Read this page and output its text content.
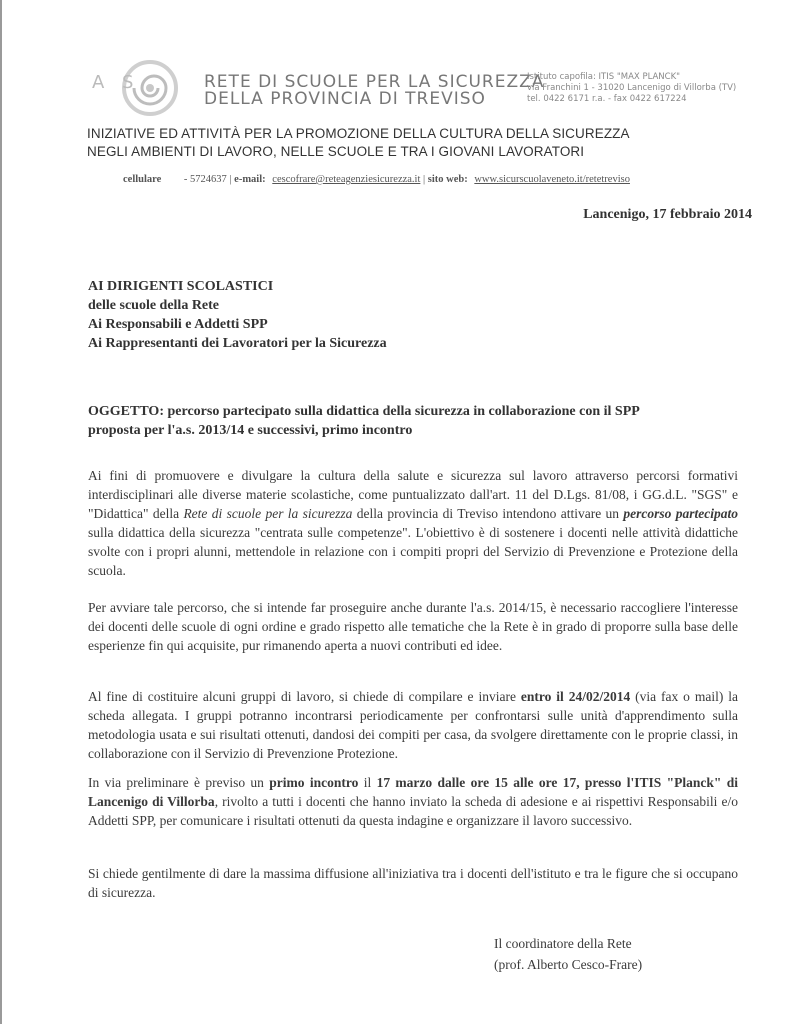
A S	RETE DI SCUOLE PER LA SICUREZZA
DELLA PROVINCIA DI TREVISO
Istituto capofila: ITIS "MAX PLANCK"
via Franchini 1 - 31020 Lancenigo di Villorba (TV)
tel. 0422 6171 r.a. - fax 0422 617224
INIZIATIVE ED ATTIVITÀ PER LA PROMOZIONE DELLA CULTURA DELLA SICUREZZA
NEGLI AMBIENTI DI LAVORO, NELLE SCUOLE E TRA I GIOVANI LAVORATORI
cellulare - 5724637 | e-mail: cescofrare@reteagenziesicurezza.it | sito web: www.sicurscuolaveneto.it/retetreviso
Lancenigo, 17 febbraio 2014
AI DIRIGENTI SCOLASTICI
delle scuole della Rete
Ai Responsabili e Addetti SPP
Ai Rappresentanti dei Lavoratori per la Sicurezza
OGGETTO: percorso partecipato sulla didattica della sicurezza in collaborazione con il SPP
proposta per l'a.s. 2013/14 e successivi, primo incontro
Ai fini di promuovere e divulgare la cultura della salute e sicurezza sul lavoro attraverso percorsi formativi interdisciplinari alle diverse materie scolastiche, come puntualizzato dall'art. 11 del D.Lgs. 81/08, i GG.d.L. "SGS" e "Didattica" della Rete di scuole per la sicurezza della provincia di Treviso intendono attivare un percorso partecipato sulla didattica della sicurezza "centrata sulle competenze". L'obiettivo è di sostenere i docenti nelle attività didattiche svolte con i propri alunni, mettendole in relazione con i compiti propri del Servizio di Prevenzione e Protezione della scuola.
Per avviare tale percorso, che si intende far proseguire anche durante l'a.s. 2014/15, è necessario raccogliere l'interesse dei docenti delle scuole di ogni ordine e grado rispetto alle tematiche che la Rete è in grado di proporre sulla base delle esperienze fin qui acquisite, pur rimanendo aperta a nuovi contributi ed idee.
Al fine di costituire alcuni gruppi di lavoro, si chiede di compilare e inviare entro il 24/02/2014 (via fax o mail) la scheda allegata. I gruppi potranno incontrarsi periodicamente per confrontarsi sulle unità d'apprendimento sulla metodologia usata e sui risultati ottenuti, dandosi dei compiti per casa, da svolgere direttamente con le proprie classi, in collaborazione con il Servizio di Prevenzione Protezione.
In via preliminare è previso un primo incontro il 17 marzo dalle ore 15 alle ore 17, presso l'ITIS "Planck" di Lancenigo di Villorba, rivolto a tutti i docenti che hanno inviato la scheda di adesione e ai rispettivi Responsabili e/o Addetti SPP, per comunicare i risultati ottenuti da questa indagine e organizzare il lavoro successivo.
Si chiede gentilmente di dare la massima diffusione all'iniziativa tra i docenti dell'istituto e tra le figure che si occupano di sicurezza.
Il coordinatore della Rete
(prof. Alberto Cesco-Frare)
